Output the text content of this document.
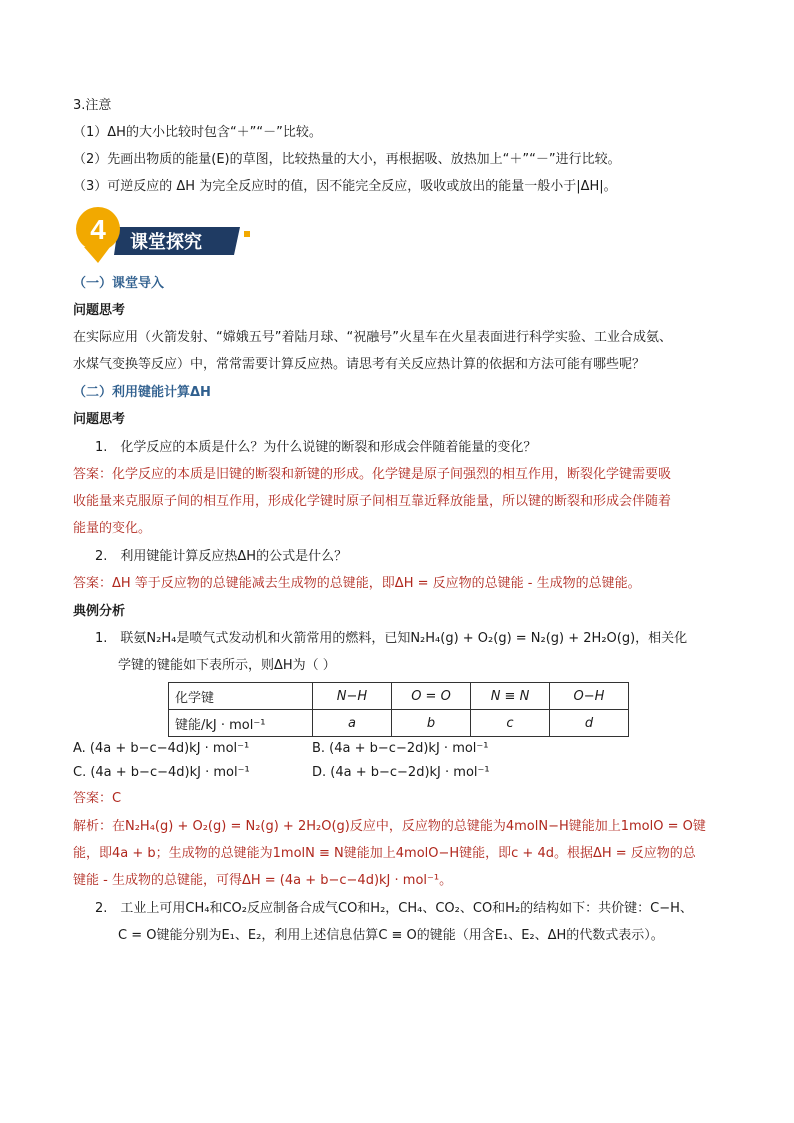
3.注意
（1）ΔH的大小比较时包含“＋”“－”比较。
（2）先画出物质的能量(E)的草图，比较热量的大小，再根据吸、放热加上“＋”“－”进行比较。
（3）可逆反应的 ΔH 为完全反应时的值，因不能完全反应，吸收或放出的能量一般小于|ΔH|。
4 课堂探究
（一）课堂导入
问题思考
在实际应用（火箭发射、“嫦娥五号”着陆月球、“祝融号”火星车在火星表面进行科学实验、工业合成氨、
水煤气变换等反应）中，常常需要计算反应热。请思考有关反应热计算的依据和方法可能有哪些呢？
（二）利用键能计算ΔH
问题思考
1.　化学反应的本质是什么？为什么说键的断裂和形成会伴随着能量的变化？
答案：化学反应的本质是旧键的断裂和新键的形成。化学键是原子间强烈的相互作用，断裂化学键需要吸
收能量来克服原子间的相互作用，形成化学键时原子间相互靠近释放能量，所以键的断裂和形成会伴随着
能量的变化。
2.　利用键能计算反应热ΔH的公式是什么？
答案：ΔH 等于反应物的总键能减去生成物的总键能，即ΔH = 反应物的总键能 - 生成物的总键能。
典例分析
1.　联氨N₂H₄是喷气式发动机和火箭常用的燃料，已知N₂H₄(g) + O₂(g) = N₂(g) + 2H₂O(g)，相关化
学键的键能如下表所示，则ΔH为（ ）
化学键	N−H	O = O	N ≡ N	O−H
键能/kJ · mol⁻¹	a	b	c	d
A. (4a + b−c−4d)kJ · mol⁻¹	B. (4a + b−c−2d)kJ · mol⁻¹
C. (4a + b−c−4d)kJ · mol⁻¹	D. (4a + b−c−2d)kJ · mol⁻¹
答案：C
解析：在N₂H₄(g) + O₂(g) = N₂(g) + 2H₂O(g)反应中，反应物的总键能为4molN−H键能加上1molO = O键
能，即4a + b；生成物的总键能为1molN ≡ N键能加上4molO−H键能，即c + 4d。根据ΔH = 反应物的总
键能 - 生成物的总键能，可得ΔH = (4a + b−c−4d)kJ · mol⁻¹。
2.　工业上可用CH₄和CO₂反应制备合成气CO和H₂，CH₄、CO₂、CO和H₂的结构如下：共价键：C−H、
C = O键能分别为E₁、E₂，利用上述信息估算C ≡ O的键能（用含E₁、E₂、ΔH的代数式表示）。
